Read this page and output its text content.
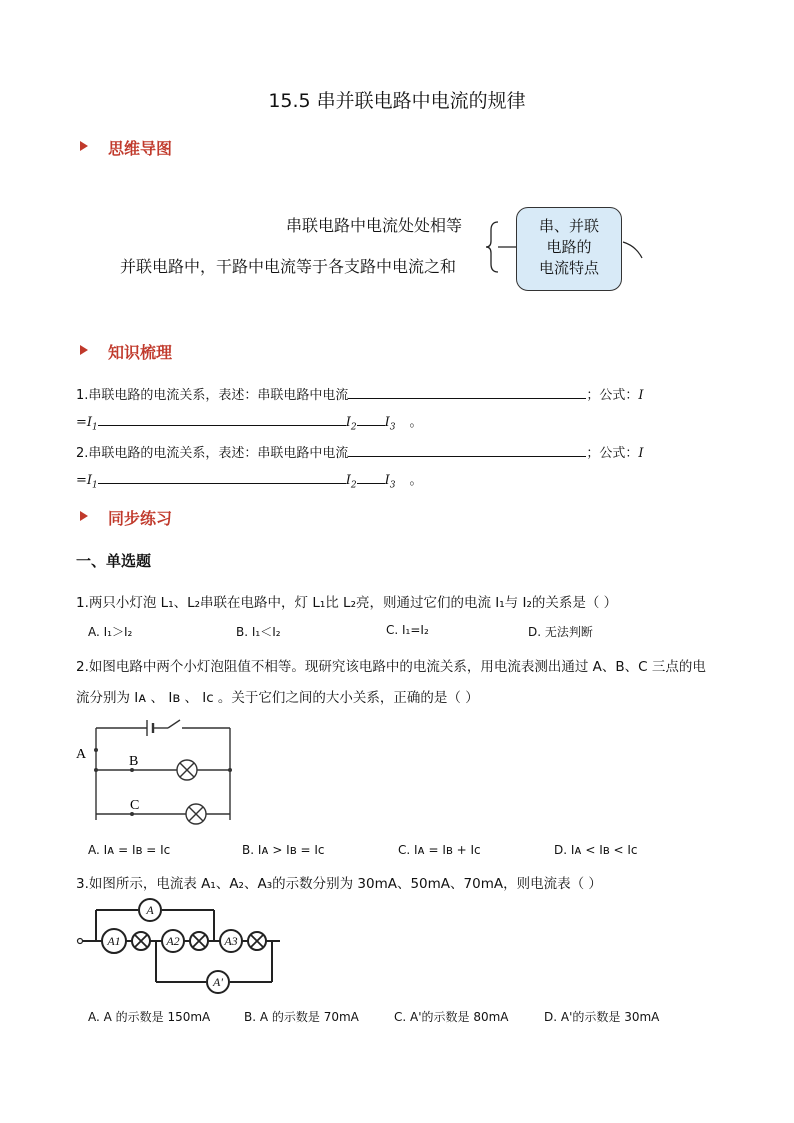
15.5 串并联电路中电流的规律
思维导图
串联电路中电流处处相等
并联电路中，干路中电流等于各支路中电流之和
串、并联
电路的
电流特点
知识梳理
1.串联电路的电流关系，表述：串联电路中电流	；公式：I
$=I_1$	$I_2$ $I_3$ 。
2.串联电路的电流关系，表述：串联电路中电流	；公式：I
$=I_1$	$I_2$ $I_3$ 。
同步练习
一、单选题
1.两只小灯泡 L₁、L₂串联在电路中，灯 L₁比 L₂亮，则通过它们的电流 I₁与 I₂的关系是（ ）
A. I₁＞I₂	B. I₁＜I₂	C. I₁=I₂	D. 无法判断
2.如图电路中两个小灯泡阻值不相等。现研究该电路中的电流关系，用电流表测出通过 A、B、C 三点的电
流分别为 Iᴀ 、 Iʙ 、 Iᴄ 。关于它们之间的大小关系，正确的是（ ）
A	B
C
A. Iᴀ = Iʙ = Iᴄ	B. Iᴀ > Iʙ = Iᴄ	C. Iᴀ = Iʙ + Iᴄ	D. Iᴀ < Iʙ < Iᴄ
3.如图所示，电流表 A₁、A₂、A₃的示数分别为 30mA、50mA、70mA，则电流表（ ）
A
A1	A2	A3
A'
A. A 的示数是 150mA	B. A 的示数是 70mA	C. A'的示数是 80mA	D. A'的示数是 30mA
